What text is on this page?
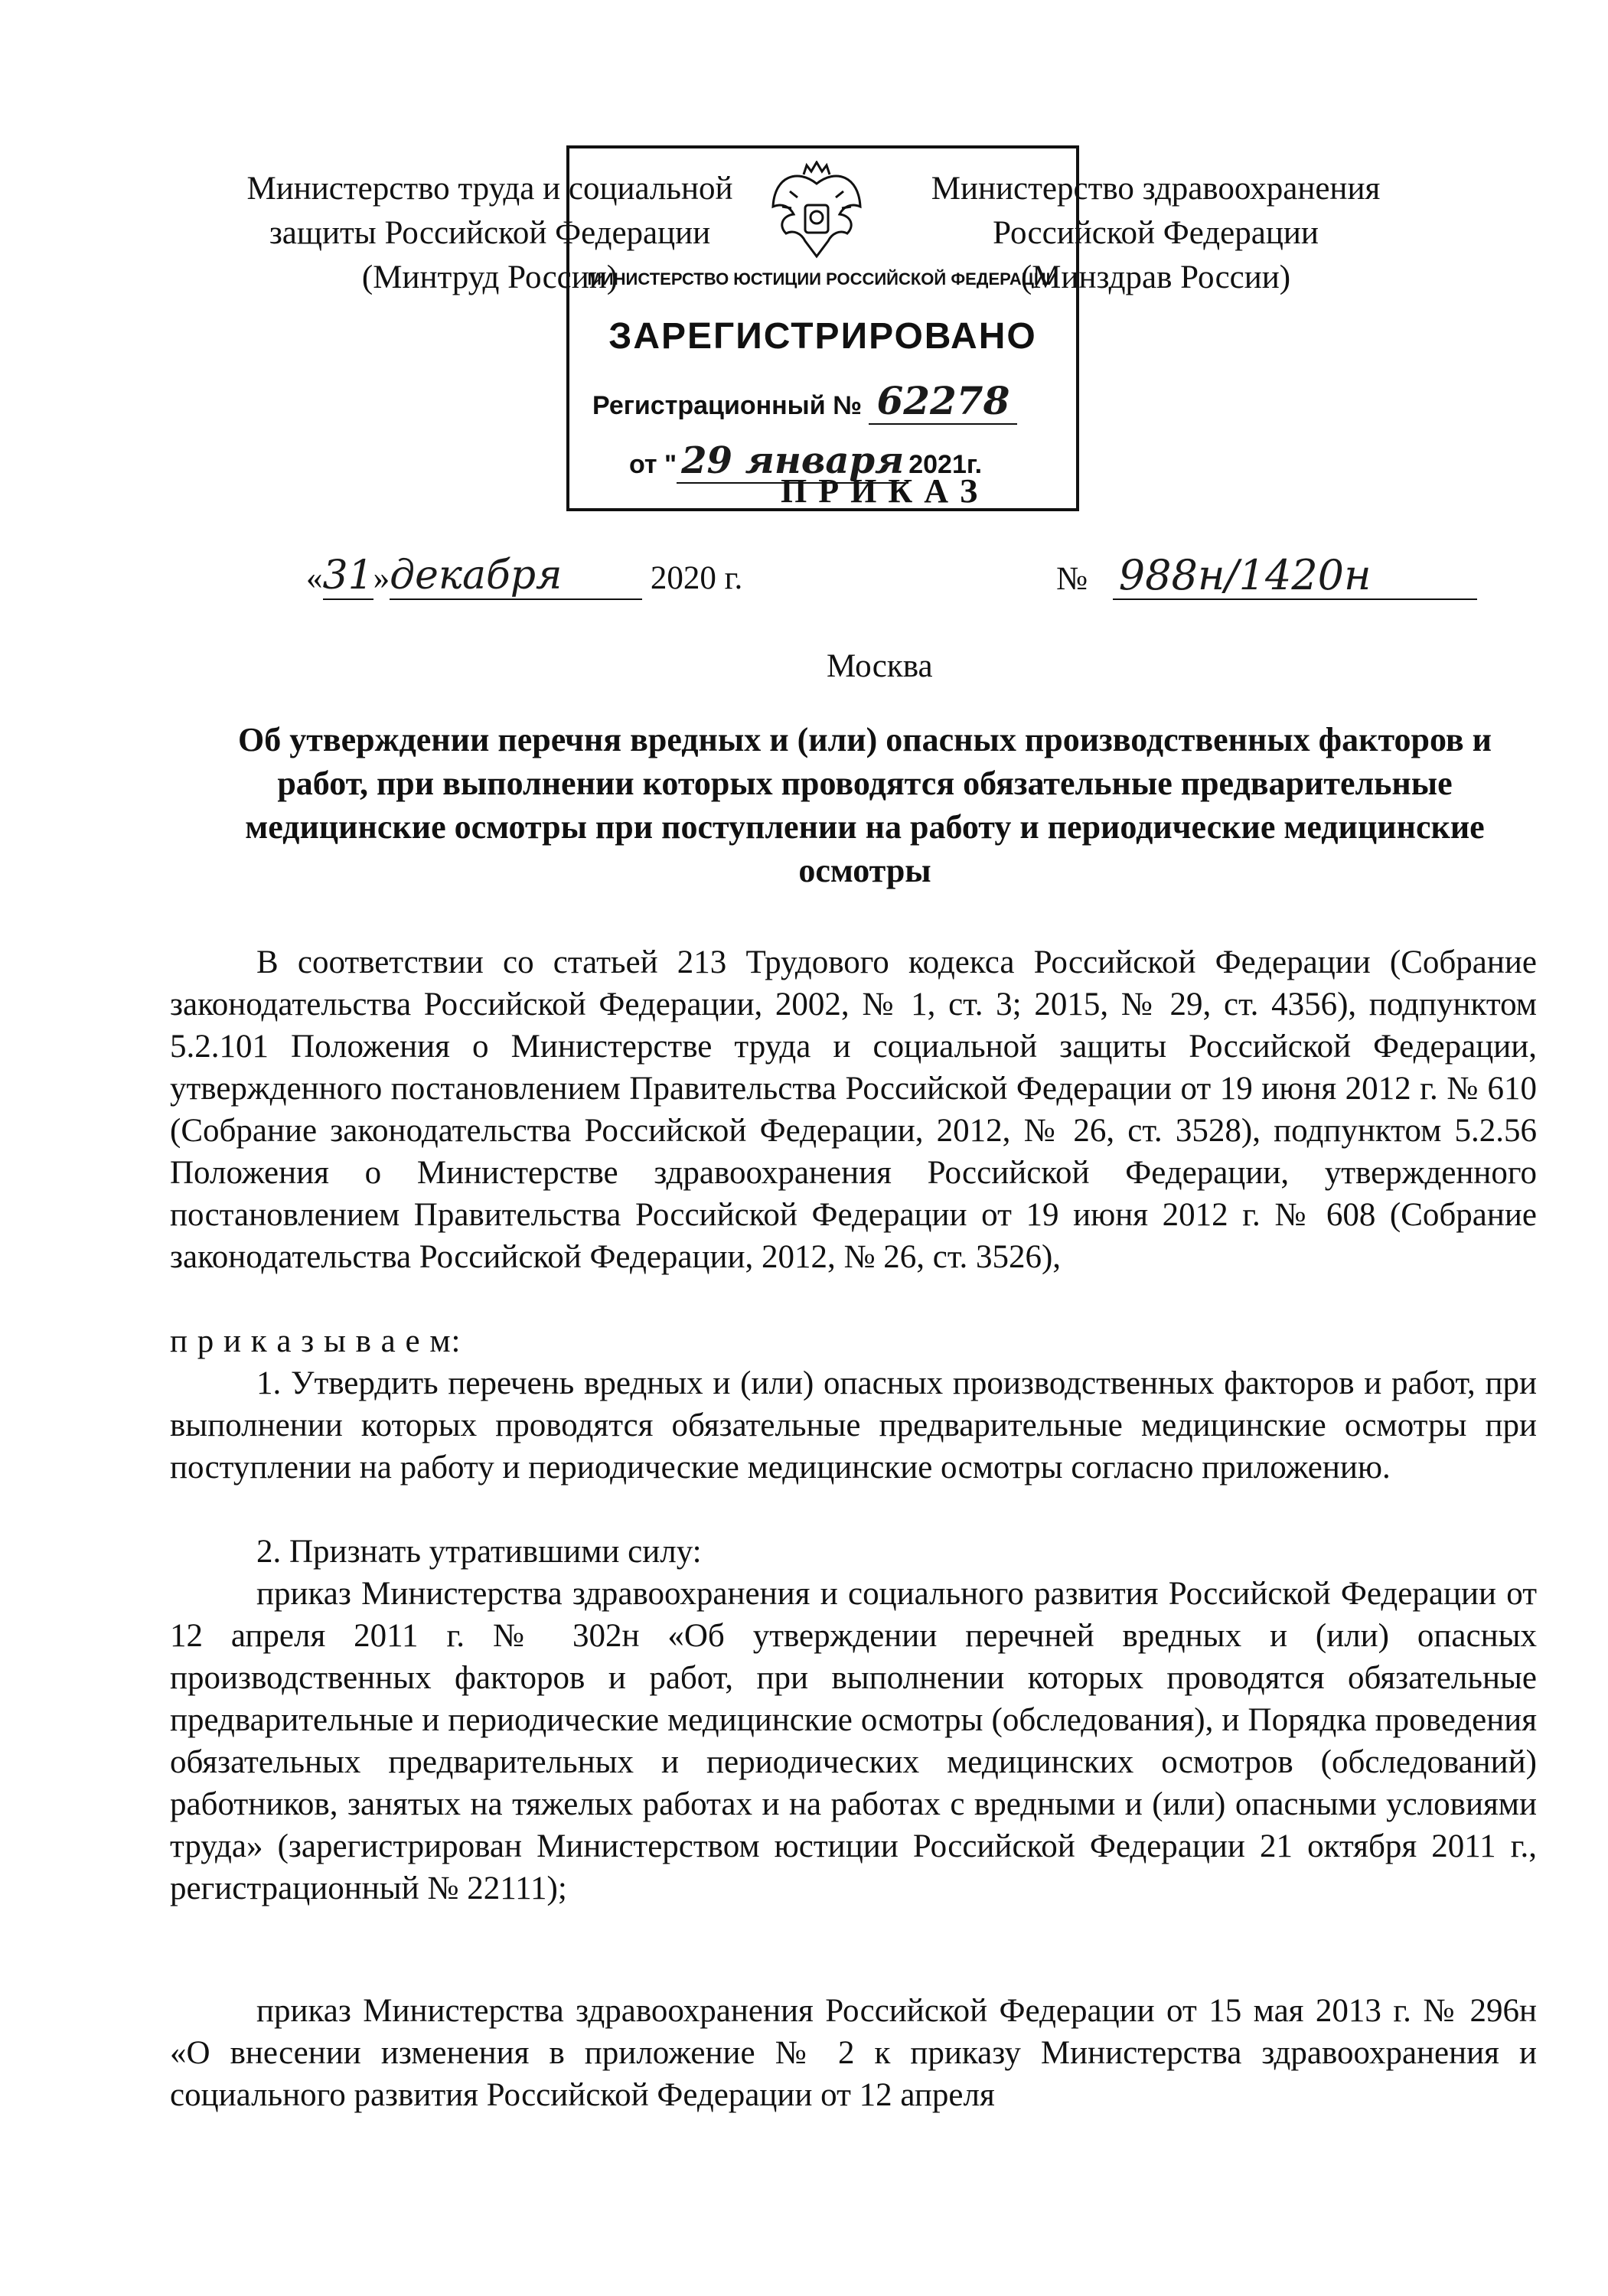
Министерство труда и социальной
защиты Российской Федерации
(Минтруд России)
Министерство здравоохранения
Российской Федерации
(Минздрав России)
МИНИСТЕРСТВО ЮСТИЦИИ РОССИЙСКОЙ ФЕДЕРАЦИИ
ЗАРЕГИСТРИРОВАНО
Регистрационный № 62278
от " 29 января 2021г.
П Р И К А З
«31»декабря	2020 г.	№ 988н/1420н
Москва
Об утверждении перечня вредных и (или) опасных производственных факторов и работ, при выполнении которых проводятся обязательные предварительные медицинские осмотры при поступлении на работу и периодические медицинские осмотры

В соответствии со статьей 213 Трудового кодекса Российской Федерации (Собрание законодательства Российской Федерации, 2002, № 1, ст. 3; 2015, № 29, ст. 4356), подпунктом 5.2.101 Положения о Министерстве труда и социальной защиты Российской Федерации, утвержденного постановлением Правительства Российской Федерации от 19 июня 2012 г. № 610 (Собрание законодательства Российской Федерации, 2012, № 26, ст. 3528), подпунктом 5.2.56 Положения о Министерстве здравоохранения Российской Федерации, утвержденного постановлением Правительства Российской Федерации от 19 июня 2012 г. № 608 (Собрание законодательства Российской Федерации, 2012, № 26, ст. 3526),

п р и к а з ы в а е м:

1. Утвердить перечень вредных и (или) опасных производственных факторов и работ, при выполнении которых проводятся обязательные предварительные медицинские осмотры при поступлении на работу и периодические медицинские осмотры согласно приложению.

2. Признать утратившими силу:

приказ Министерства здравоохранения и социального развития Российской Федерации от 12 апреля 2011 г. № 302н «Об утверждении перечней вредных и (или) опасных производственных факторов и работ, при выполнении которых проводятся обязательные предварительные и периодические медицинские осмотры (обследования), и Порядка проведения обязательных предварительных и периодических медицинских осмотров (обследований) работников, занятых на тяжелых работах и на работах с вредными и (или) опасными условиями труда» (зарегистрирован Министерством юстиции Российской Федерации 21 октября 2011 г., регистрационный № 22111);

приказ Министерства здравоохранения Российской Федерации от 15 мая 2013 г. № 296н «О внесении изменения в приложение № 2 к приказу Министерства здравоохранения и социального развития Российской Федерации от 12 апреля
